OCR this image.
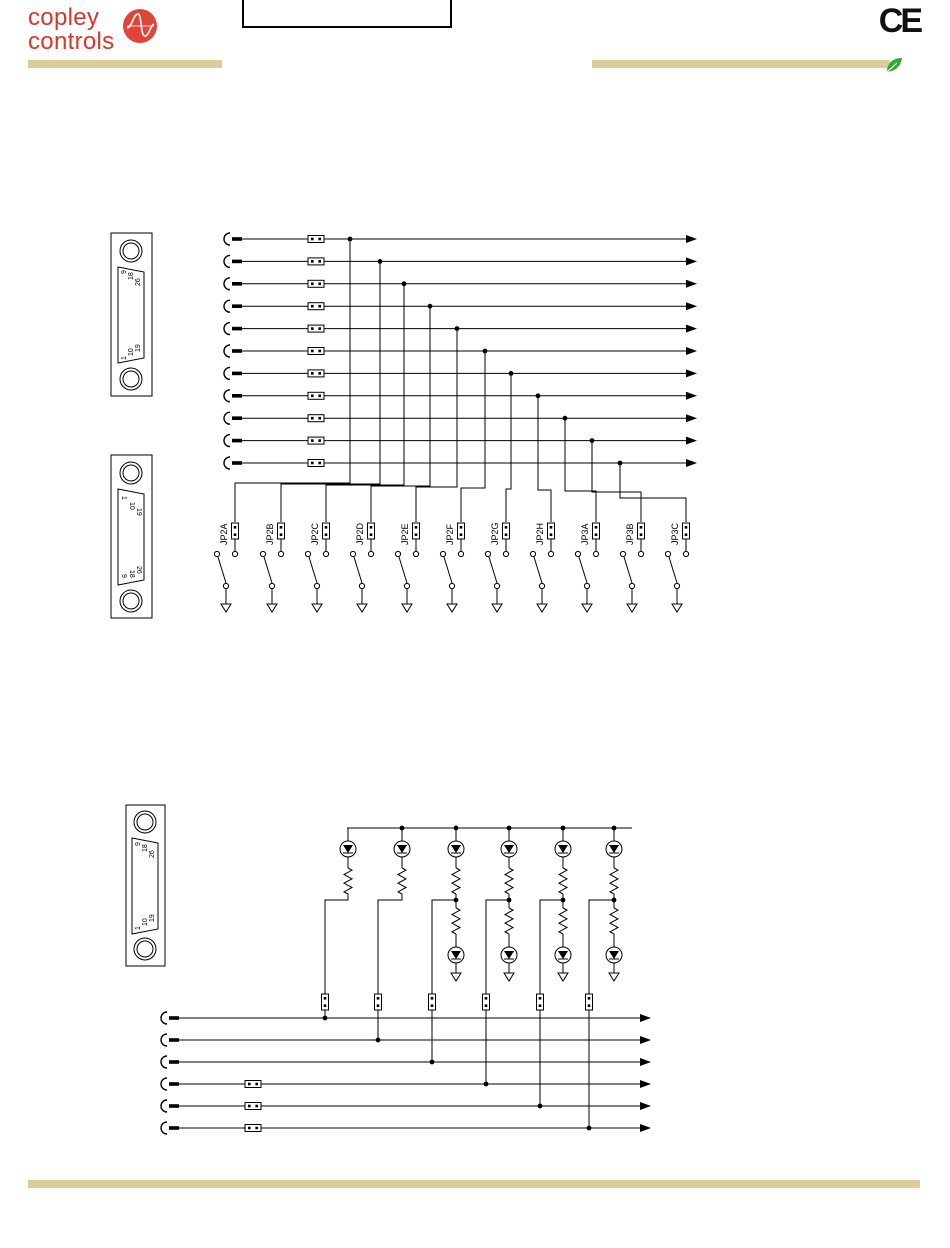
copley
controls
CE
9
18
26
1
10
19
1
10
19
9 18
26
9
18
26
1
10
19
JP2A	JP2B	JP2C	JP2D	JP2E	JP2F	JP2G	JP2H	JP3A	JP3B	JP3C
